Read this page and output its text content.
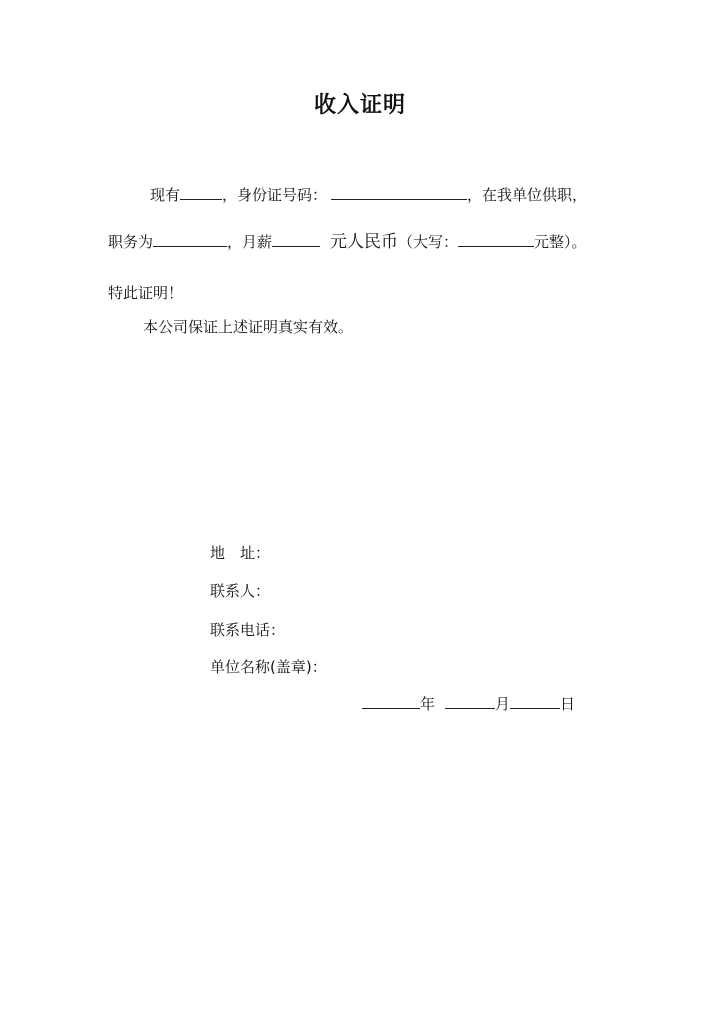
收入证明
现有	，身份证号码：	，在我单位供职，
职务为	，月薪	元人民币（大写：	元整）。
特此证明！
本公司保证上述证明真实有效。
地　址：
联系人：
联系电话：
单位名称(盖章)：
年	月	日
